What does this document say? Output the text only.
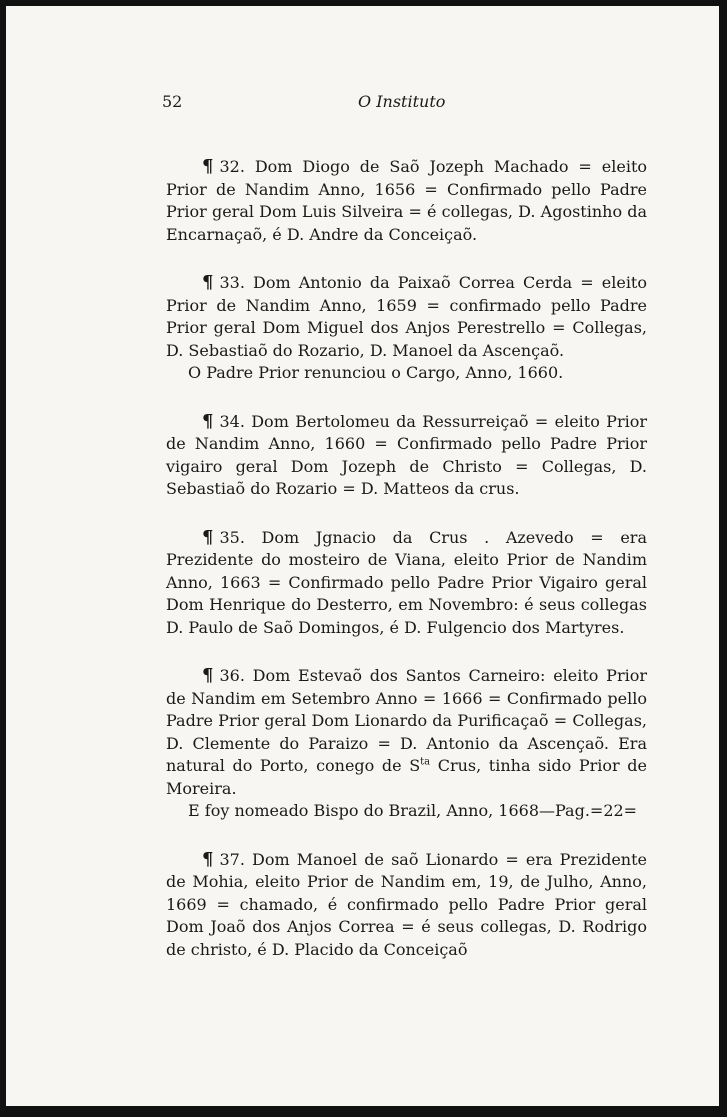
52	O Instituto

¶ 32. Dom Diogo de Saõ Jozeph Machado = eleito Prior de Nandim Anno, 1656 = Confirmado pello Padre Prior geral Dom Luis Silveira = é collegas, D. Agostinho da Encarnaçaõ, é D. Andre da Conceiçaõ.

¶ 33. Dom Antonio da Paixaõ Correa Cerda = eleito Prior de Nandim Anno, 1659 = confirmado pello Padre Prior geral Dom Miguel dos Anjos Perestrello = Collegas, D. Sebastiaõ do Rozario, D. Manoel da Ascençaõ.

O Padre Prior renunciou o Cargo, Anno, 1660.

¶ 34. Dom Bertolomeu da Ressurreiçaõ = eleito Prior de Nandim Anno, 1660 = Confirmado pello Padre Prior vigairo geral Dom Jozeph de Christo = Collegas, D. Sebastiaõ do Rozario = D. Matteos da crus.

¶ 35. Dom Jgnacio da Crus . Azevedo = era Prezidente do mosteiro de Viana, eleito Prior de Nandim Anno, 1663 = Confirmado pello Padre Prior Vigairo geral Dom Henrique do Desterro, em Novembro: é seus collegas D. Paulo de Saõ Domingos, é D. Fulgencio dos Martyres.

¶ 36. Dom Estevaõ dos Santos Carneiro: eleito Prior de Nandim em Setembro Anno = 1666 = Confirmado pello Padre Prior geral Dom Lionardo da Purificaçaõ = Collegas, D. Clemente do Paraizo = D. Antonio da Ascençaõ. Era natural do Porto, conego de $S^{ta}$ Crus, tinha sido Prior de Moreira.

E foy nomeado Bispo do Brazil, Anno, 1668—Pag.=22=

¶ 37. Dom Manoel de saõ Lionardo = era Prezidente de Mohia, eleito Prior de Nandim em, 19, de Julho, Anno, 1669 = chamado, é confirmado pello Padre Prior geral Dom Joaõ dos Anjos Correa = é seus collegas, D. Rodrigo de christo, é D. Placido da Conceiçaõ
